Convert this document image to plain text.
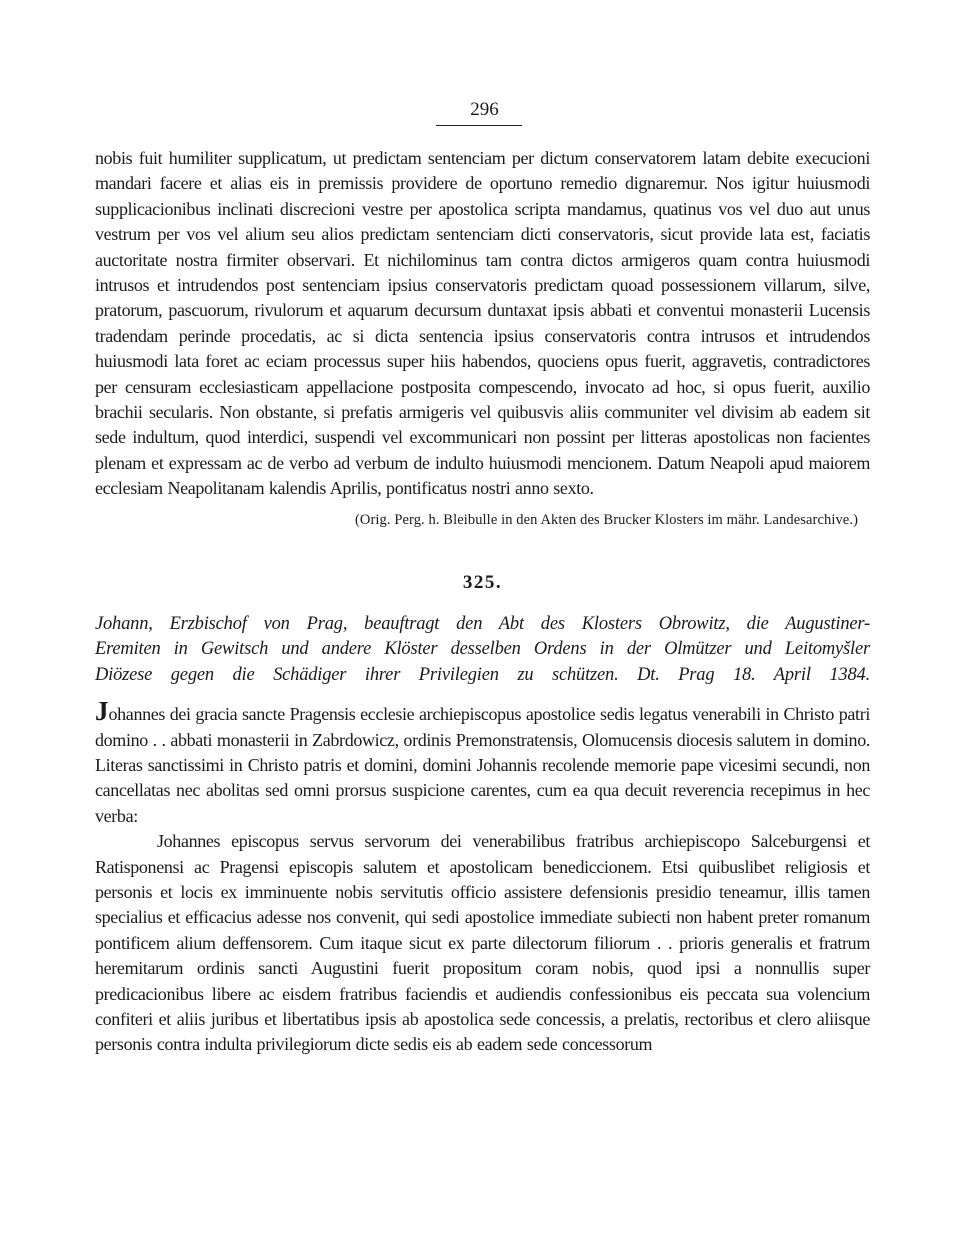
296

nobis fuit humiliter supplicatum, ut predictam sentenciam per dictum conservatorem latam debite execucioni mandari facere et alias eis in premissis providere de oportuno remedio dignaremur. Nos igitur huiusmodi supplicacionibus inclinati discrecioni vestre per apostolica scripta mandamus, quatinus vos vel duo aut unus vestrum per vos vel alium seu alios predictam sentenciam dicti conservatoris, sicut provide lata est, faciatis auctoritate nostra firmiter observari. Et nichilominus tam contra dictos armigeros quam contra huiusmodi intrusos et intrudendos post sentenciam ipsius conservatoris predictam quoad possessionem villarum, silve, pratorum, pascuorum, rivulorum et aquarum decursum duntaxat ipsis abbati et conventui monasterii Lucensis tradendam perinde procedatis, ac si dicta sentencia ipsius conservatoris contra intrusos et intrudendos huiusmodi lata foret ac eciam processus super hiis habendos, quociens opus fuerit, aggravetis, contradictores per censuram ecclesiasticam appellacione postposita compescendo, invocato ad hoc, si opus fuerit, auxilio brachii secularis. Non obstante, si prefatis armigeris vel quibusvis aliis communiter vel divisim ab eadem sit sede indultum, quod interdici, suspendi vel excommunicari non possint per litteras apostolicas non facientes plenam et expressam ac de verbo ad verbum de indulto huiusmodi mencionem. Datum Neapoli apud maiorem ecclesiam Neapolitanam kalendis Aprilis, pontificatus nostri anno sexto.

(Orig. Perg. h. Bleibulle in den Akten des Brucker Klosters im mähr. Landesarchive.)
325.
Johann, Erzbischof von Prag, beauftragt den Abt des Klosters Obrowitz, die Augustiner-
Eremiten in Gewitsch und andere Klöster desselben Ordens in der Olmützer und Leitomyšler
Diözese gegen die Schädiger ihrer Privilegien zu schützen. Dt. Prag 18. April 1384.

Johannes dei gracia sancte Pragensis ecclesie archiepiscopus apostolice sedis legatus venerabili in Christo patri domino . . abbati monasterii in Zabrdowicz, ordinis Premonstratensis, Olomucensis diocesis salutem in domino. Literas sanctissimi in Christo patris et domini, domini Johannis recolende memorie pape vicesimi secundi, non cancellatas nec abolitas sed omni prorsus suspicione carentes, cum ea qua decuit reverencia recepimus in hec verba:

Johannes episcopus servus servorum dei venerabilibus fratribus archiepiscopo Salceburgensi et Ratisponensi ac Pragensi episcopis salutem et apostolicam benediccionem. Etsi quibuslibet religiosis et personis et locis ex imminuente nobis servitutis officio assistere defensionis presidio teneamur, illis tamen specialius et efficacius adesse nos convenit, qui sedi apostolice immediate subiecti non habent preter romanum pontificem alium deffensorem. Cum itaque sicut ex parte dilectorum filiorum . . prioris generalis et fratrum heremitarum ordinis sancti Augustini fuerit propositum coram nobis, quod ipsi a nonnullis super predicacionibus libere ac eisdem fratribus faciendis et audiendis confessionibus eis peccata sua volencium confiteri et aliis juribus et libertatibus ipsis ab apostolica sede concessis, a prelatis, rectoribus et clero aliisque personis contra indulta privilegiorum dicte sedis eis ab eadem sede concessorum
